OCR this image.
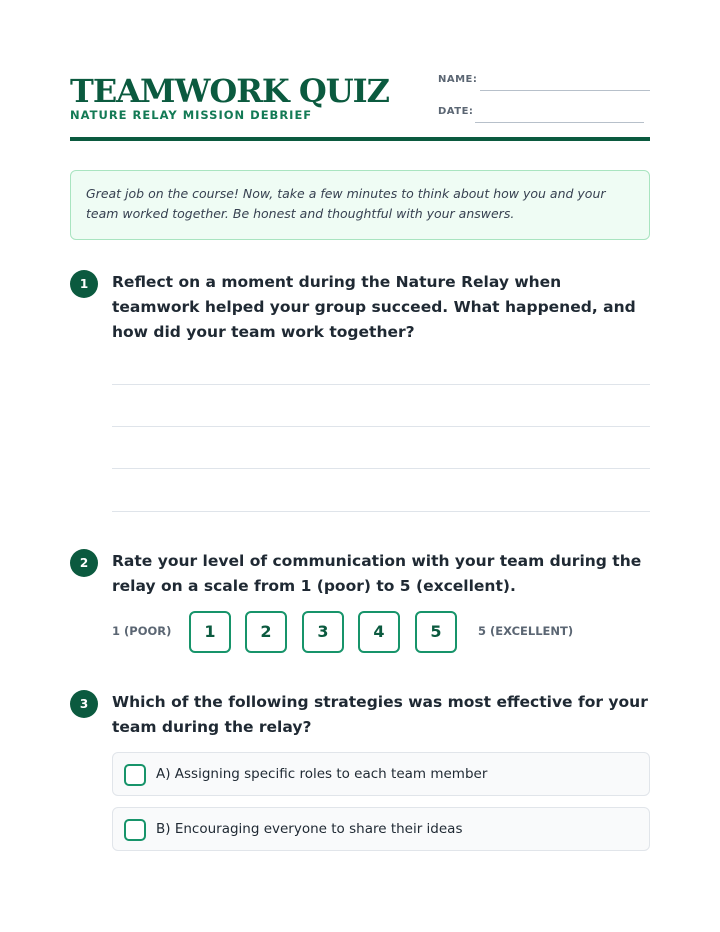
TEAMWORK QUIZ
NATURE RELAY MISSION DEBRIEF
NAME:
DATE:

Great job on the course! Now, take a few minutes to think about how you and your team worked together. Be honest and thoughtful with your answers.

1	Reflect on a moment during the Nature Relay when teamwork helped your group succeed. What happened, and how did your team work together?
2	Rate your level of communication with your team during the relay on a scale from 1 (poor) to 5 (excellent).
1 (POOR)	1	2	3	4	5	5 (EXCELLENT)
3	Which of the following strategies was most effective for your team during the relay?
A) Assigning specific roles to each team member
B) Encouraging everyone to share their ideas
